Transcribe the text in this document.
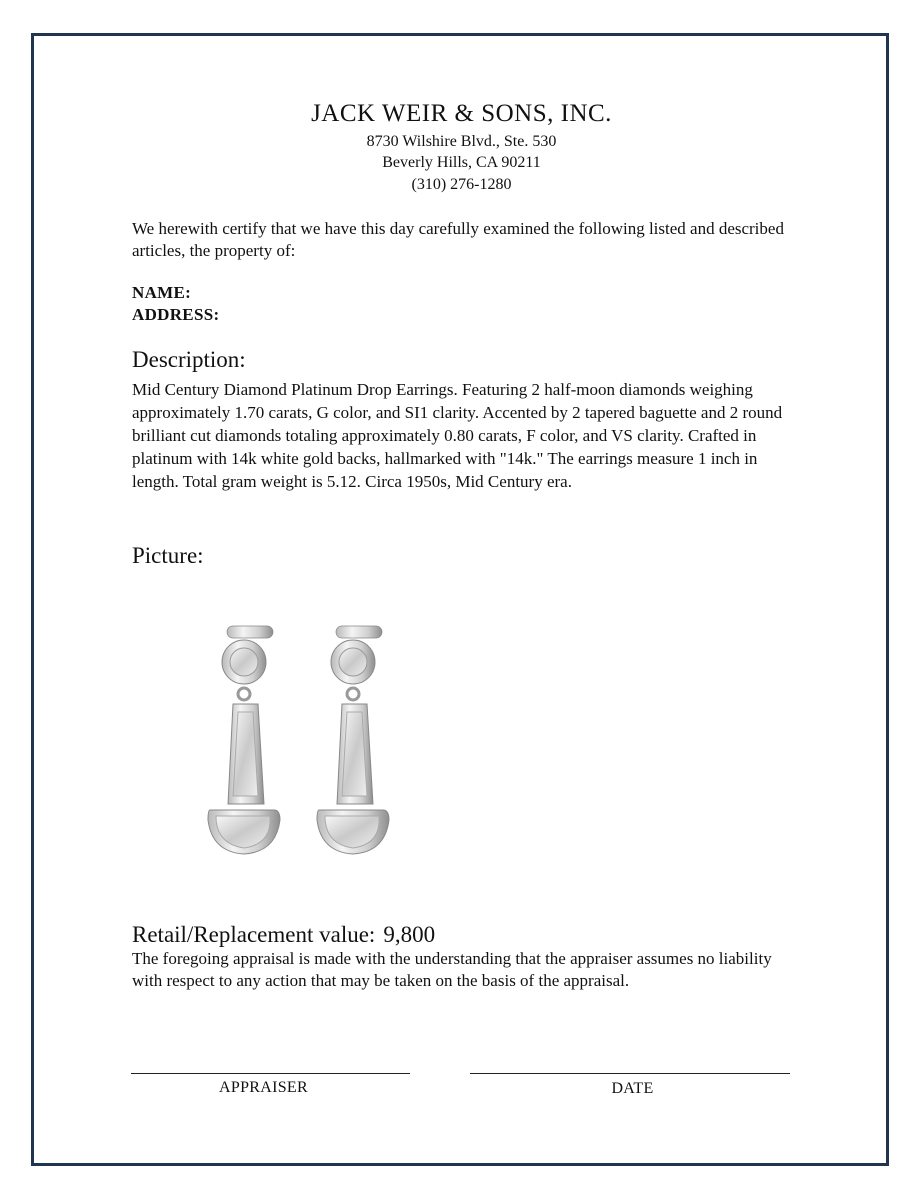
JACK WEIR & SONS, INC.
8730 Wilshire Blvd., Ste. 530
Beverly Hills, CA 90211
(310) 276-1280
We herewith certify that we have this day carefully examined the following listed and described articles, the property of:
NAME:
ADDRESS:
Description:
Mid Century Diamond Platinum Drop Earrings. Featuring 2 half-moon diamonds weighing approximately 1.70 carats, G color, and SI1 clarity. Accented by 2 tapered baguette and 2 round brilliant cut diamonds totaling approximately 0.80 carats, F color, and VS clarity. Crafted in platinum with 14k white gold backs, hallmarked with "14k." The earrings measure 1 inch in length. Total gram weight is 5.12. Circa 1950s, Mid Century era.
Picture:
Retail/Replacement value: 9,800
The foregoing appraisal is made with the understanding that the appraiser assumes no liability with respect to any action that may be taken on the basis of the appraisal.
APPRAISER	DATE
